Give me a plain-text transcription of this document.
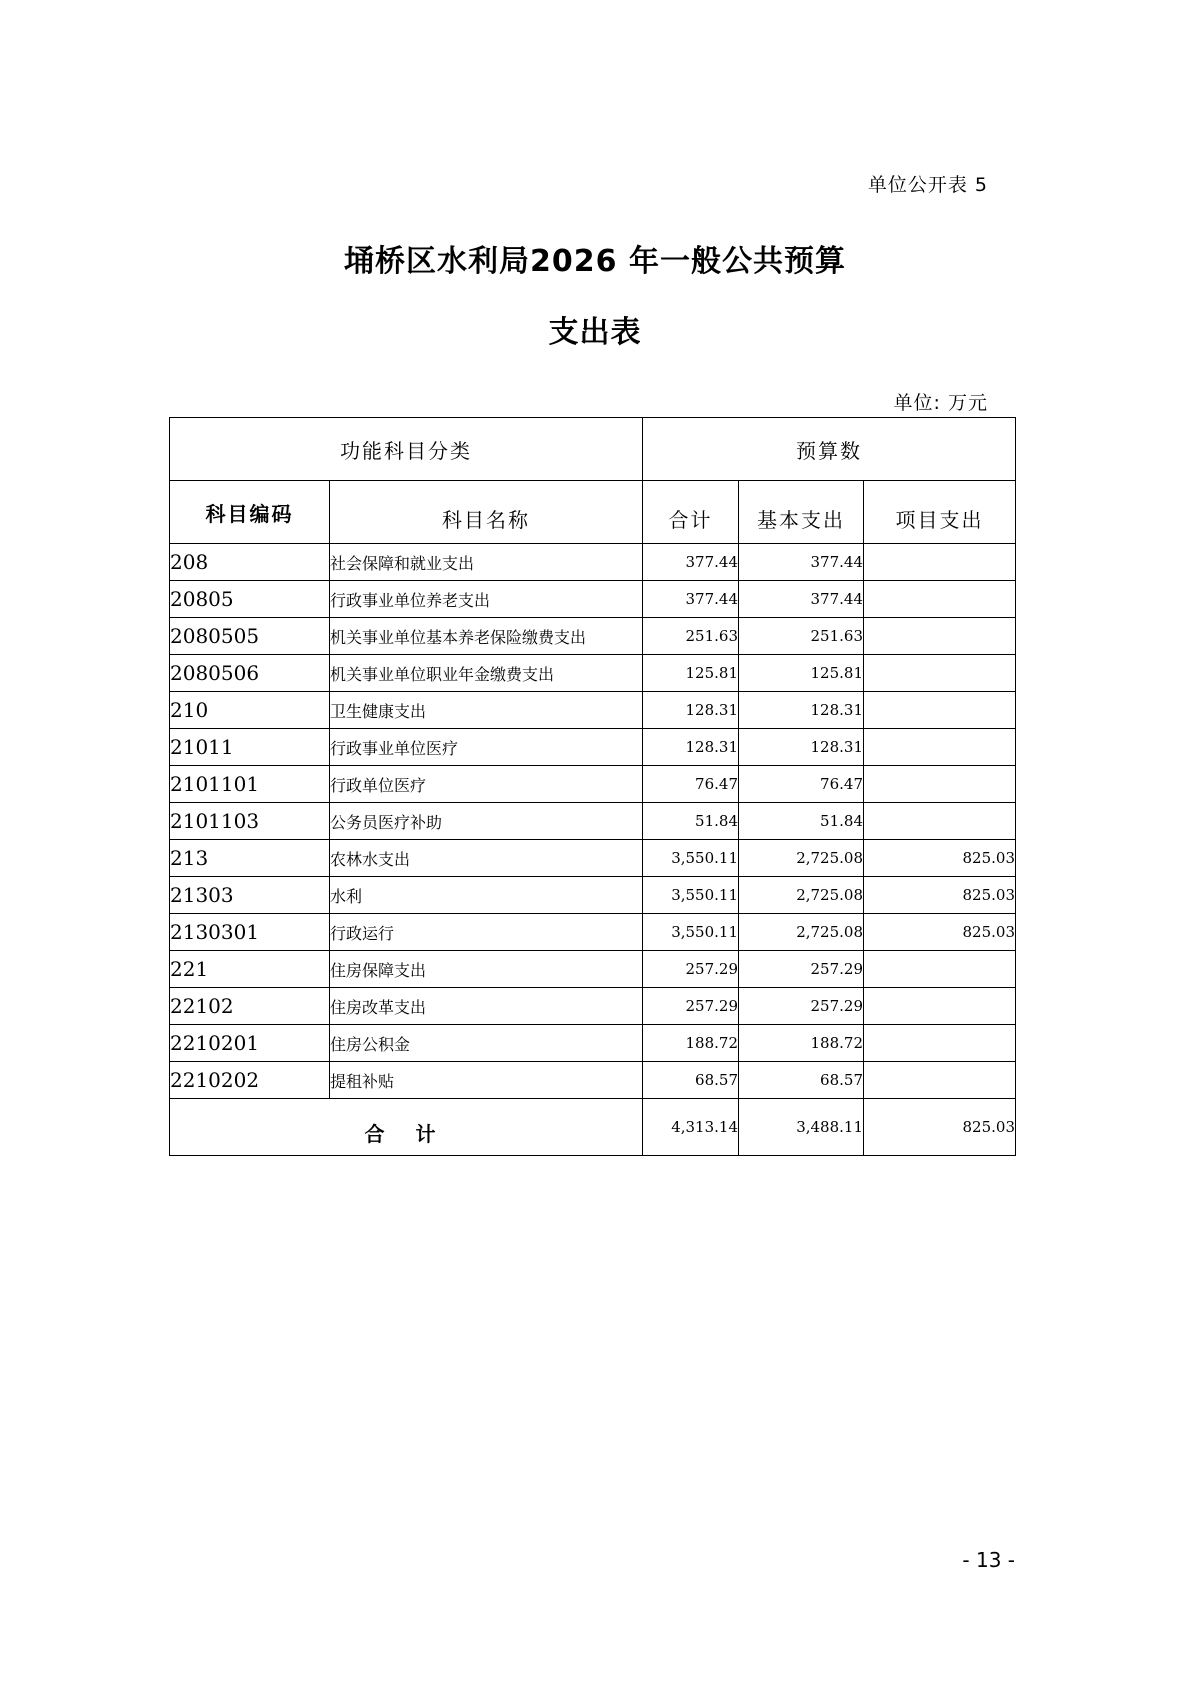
单位公开表 5
埇桥区水利局2026 年一般公共预算
支出表
单位: 万元
功能科目分类		预算数		
科目编码	科目名称	合计	基本支出	项目支出
208	社会保障和就业支出	377.44	377.44	
20805	行政事业单位养老支出	377.44	377.44	
2080505	机关事业单位基本养老保险缴费支出	251.63	251.63	
2080506	机关事业单位职业年金缴费支出	125.81	125.81	
210	卫生健康支出	128.31	128.31	
21011	行政事业单位医疗	128.31	128.31	
2101101	行政单位医疗	76.47	76.47	
2101103	公务员医疗补助	51.84	51.84	
213	农林水支出	3,550.11	2,725.08	825.03
21303	水利	3,550.11	2,725.08	825.03
2130301	行政运行	3,550.11	2,725.08	825.03
221	住房保障支出	257.29	257.29	
22102	住房改革支出	257.29	257.29	
2210201	住房公积金	188.72	188.72	
2210202	提租补贴	68.57	68.57	
合 计		4,313.14	3,488.11	825.03
- 13 -
